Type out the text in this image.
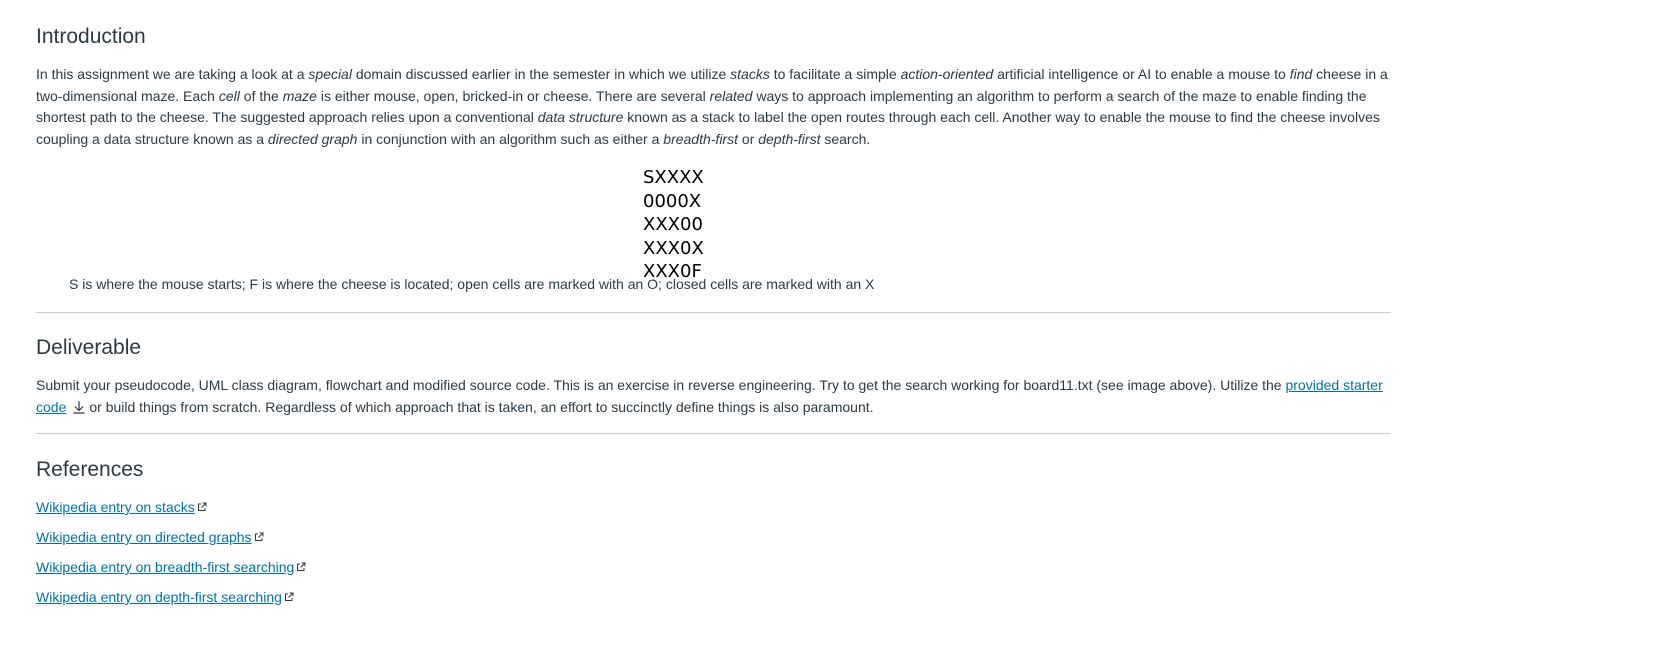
Introduction

In this assignment we are taking a look at a special domain discussed earlier in the semester in which we utilize stacks to facilitate a simple action-oriented artificial intelligence or AI to enable a mouse to find cheese in a two-dimensional maze. Each cell of the maze is either mouse, open, bricked-in or cheese. There are several related ways to approach implementing an algorithm to perform a search of the maze to enable finding the shortest path to the cheese. The suggested approach relies upon a conventional data structure known as a stack to label the open routes through each cell. Another way to enable the mouse to find the cheese involves coupling a data structure known as a directed graph in conjunction with an algorithm such as either a breadth-first or depth-first search.

SXXXX
0000X
XXX00
XXX0X
XXX0F

S is where the mouse starts; F is where the cheese is located; open cells are marked with an O; closed cells are marked with an X

Deliverable

Submit your pseudocode, UML class diagram, flowchart and modified source code. This is an exercise in reverse engineering. Try to get the search working for board11.txt (see image above). Utilize the provided starter code or build things from scratch. Regardless of which approach that is taken, an effort to succinctly define things is also paramount.

References
Wikipedia entry on stacks
Wikipedia entry on directed graphs
Wikipedia entry on breadth-first searching
Wikipedia entry on depth-first searching
